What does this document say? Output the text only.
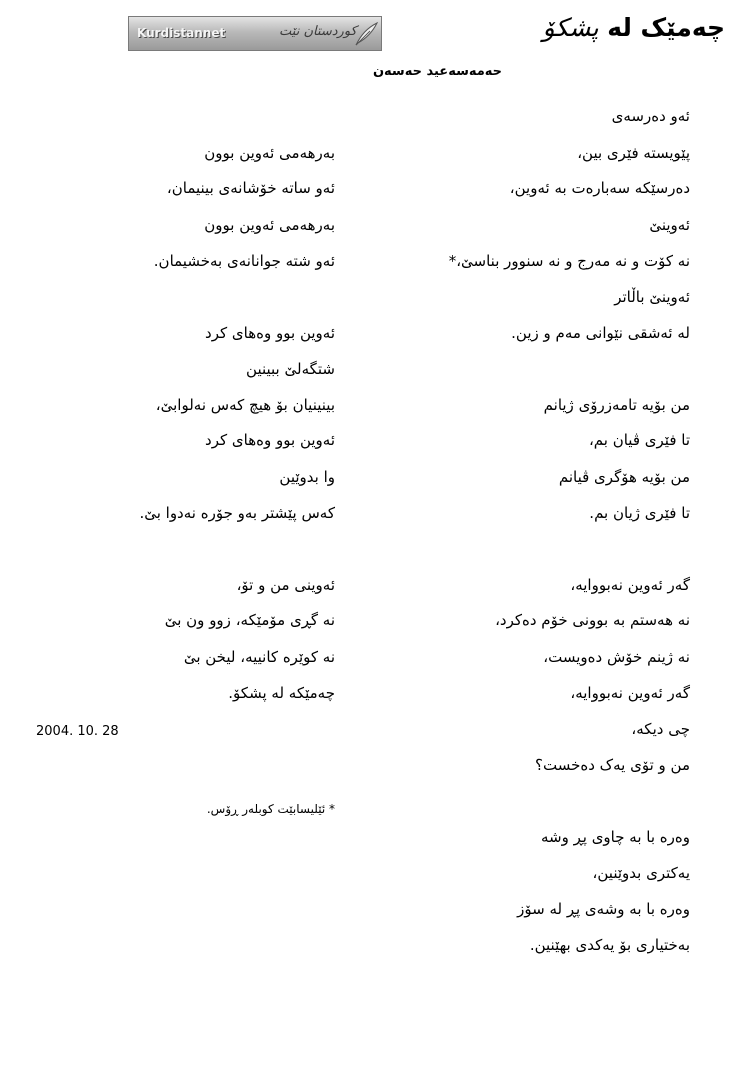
چەمێک لە پشکۆ
Kurdistannet	کوردستان نێت
حەمەسەعید حەسەن
ئەو دەرسەی
پێویستە فێری بین،
دەرسێکە سەبارەت بە ئەوین،
ئەوینێ
نە کۆت و نە مەرج و نە سنوور بناسێ،*
ئەوینێ باڵاتر
لە ئەشقی نێوانی مەم و زین.
من بۆیە تامەزرۆی ژیانم
تا فێری ڤیان بم،
من بۆیە هۆگری ڤیانم
تا فێری ژیان بم.
گەر ئەوین نەبووایە،
نە هەستم بە بوونی خۆم دەکرد،
نە ژینم خۆش دەویست،
گەر ئەوین نەبووایە،
چی دیکە،
من و تۆی یەک دەخست؟
وەرە با بە چاوی پڕ وشە
یەکتری بدوێنین،
وەرە با بە وشەی پڕ لە سۆز
بەختیاری بۆ یەکدی بهێنین.
بەرهەمی ئەوین بوون
ئەو ساتە خۆشانەی بینیمان،
بەرهەمی ئەوین بوون
ئەو شتە جوانانەی بەخشیمان.
ئەوین بوو وەهای کرد
شتگەلێ ببینین
بینینیان بۆ هیچ کەس نەلوابێ،
ئەوین بوو وەهای کرد
وا بدوێین
کەس پێشتر بەو جۆرە نەدوا بێ.
ئەوینی من و تۆ،
نە گڕی مۆمێکە، زوو ون بێ
نە کوێرە کانییە، لیخن بێ
چەمێکە لە پشکۆ.
2004. 10. 28
* ئێلیسابێت کوبلەر ڕۆس.
